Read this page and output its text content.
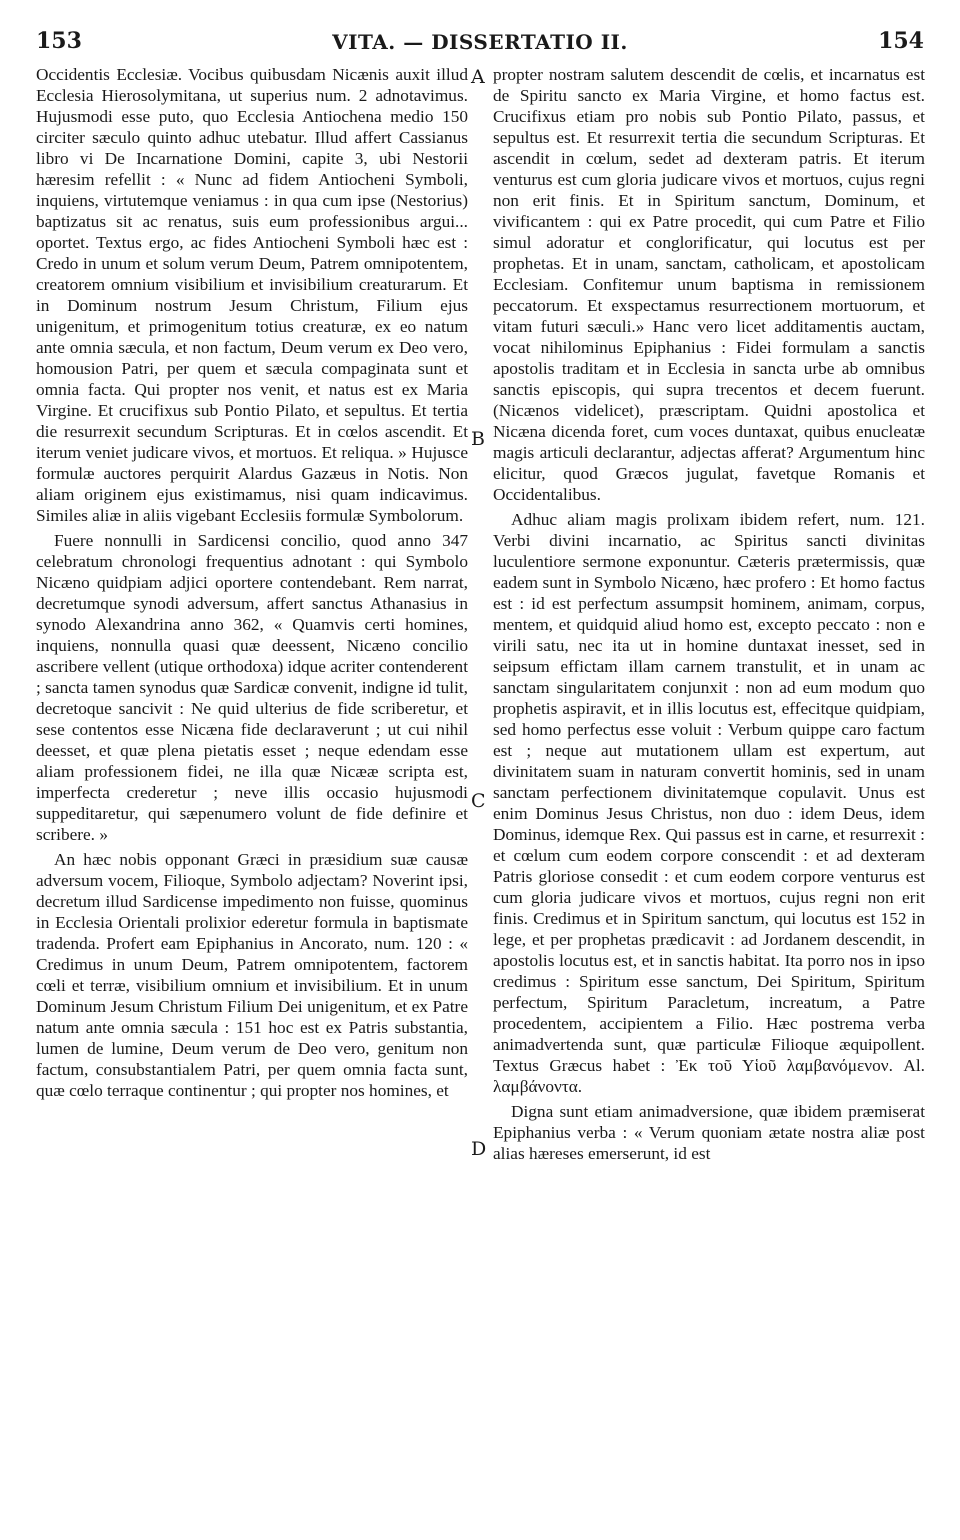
153	VITA. — DISSERTATIO II.	154

Occidentis Ecclesiæ. Vocibus quibusdam Nicænis auxit illud Ecclesia Hierosolymitana, ut superius num. 2 adnotavimus. Hujusmodi esse puto, quo Ecclesia Antiochena medio 150 circiter sæculo quinto adhuc utebatur. Illud affert Cassianus libro vi De Incarnatione Domini, capite 3, ubi Nestorii hæresim refellit : « Nunc ad fidem Antiocheni Symboli, inquiens, virtutemque veniamus : in qua cum ipse (Nestorius) baptizatus sit ac renatus, suis eum professionibus argui... oportet. Textus ergo, ac fides Antiocheni Symboli hæc est : Credo in unum et solum verum Deum, Patrem omnipotentem, creatorem omnium visibilium et invisibilium creaturarum. Et in Dominum nostrum Jesum Christum, Filium ejus unigenitum, et primogenitum totius creaturæ, ex eo natum ante omnia sæcula, et non factum, Deum verum ex Deo vero, homousion Patri, per quem et sæcula compaginata sunt et omnia facta. Qui propter nos venit, et natus est ex Maria Virgine. Et crucifixus sub Pontio Pilato, et sepultus. Et tertia die resurrexit secundum Scripturas. Et in cœlos ascendit. Et iterum veniet judicare vivos, et mortuos. Et reliqua. » Hujusce formulæ auctores perquirit Alardus Gazæus in Notis. Non aliam originem ejus existimamus, nisi quam indicavimus. Similes aliæ in aliis vigebant Ecclesiis formulæ Symbolorum.

Fuere nonnulli in Sardicensi concilio, quod anno 347 celebratum chronologi frequentius adnotant : qui Symbolo Nicæno quidpiam adjici oportere contendebant. Rem narrat, decretumque synodi adversum, affert sanctus Athanasius in synodo Alexandrina anno 362, « Quamvis certi homines, inquiens, nonnulla quasi quæ deessent, Nicæno concilio ascribere vellent (utique orthodoxa) idque acriter contenderent ; sancta tamen synodus quæ Sardicæ convenit, indigne id tulit, decretoque sancivit : Ne quid ulterius de fide scriberetur, et sese contentos esse Nicæna fide declaraverunt ; ut cui nihil deesset, et quæ plena pietatis esset ; neque edendam esse aliam professionem fidei, ne illa quæ Nicææ scripta est, imperfecta crederetur ; neve illis occasio hujusmodi suppeditaretur, qui sæpenumero volunt de fide definire et scribere. »

An hæc nobis opponant Græci in præsidium suæ causæ adversum vocem, Filioque, Symbolo adjectam? Noverint ipsi, decretum illud Sardicense impedimento non fuisse, quominus in Ecclesia Orientali prolixior ederetur formula in baptismate tradenda. Profert eam Epiphanius in Ancorato, num. 120 : « Credimus in unum Deum, Patrem omnipotentem, factorem cœli et terræ, visibilium omnium et invisibilium. Et in unum Dominum Jesum Christum Filium Dei unigenitum, et ex Patre natum ante omnia sæcula : 151 hoc est ex Patris substantia, lumen de lumine, Deum verum de Deo vero, genitum non factum, consubstantialem Patri, per quem omnia facta sunt, quæ cœlo terraque continentur ; qui propter nos homines, et

A
B
C
D

propter nostram salutem descendit de cœlis, et incarnatus est de Spiritu sancto ex Maria Virgine, et homo factus est. Crucifixus etiam pro nobis sub Pontio Pilato, passus, et sepultus est. Et resurrexit tertia die secundum Scripturas. Et ascendit in cœlum, sedet ad dexteram patris. Et iterum venturus est cum gloria judicare vivos et mortuos, cujus regni non erit finis. Et in Spiritum sanctum, Dominum, et vivificantem : qui ex Patre procedit, qui cum Patre et Filio simul adoratur et conglorificatur, qui locutus est per prophetas. Et in unam, sanctam, catholicam, et apostolicam Ecclesiam. Confitemur unum baptisma in remissionem peccatorum. Et exspectamus resurrectionem mortuorum, et vitam futuri sæculi.» Hanc vero licet additamentis auctam, vocat nihilominus Epiphanius : Fidei formulam a sanctis apostolis traditam et in Ecclesia in sancta urbe ab omnibus sanctis episcopis, qui supra trecentos et decem fuerunt. (Nicænos videlicet), præscriptam. Quidni apostolica et Nicæna dicenda foret, cum voces duntaxat, quibus enucleatæ magis articuli declarantur, adjectas afferat? Argumentum hinc elicitur, quod Græcos jugulat, favetque Romanis et Occidentalibus.

Adhuc aliam magis prolixam ibidem refert, num. 121. Verbi divini incarnatio, ac Spiritus sancti divinitas luculentiore sermone exponuntur. Cæteris prætermissis, quæ eadem sunt in Symbolo Nicæno, hæc profero : Et homo factus est : id est perfectum assumpsit hominem, animam, corpus, mentem, et quidquid aliud homo est, excepto peccato : non e virili satu, nec ita ut in homine duntaxat inesset, sed in seipsum effictam illam carnem transtulit, et in unam ac sanctam singularitatem conjunxit : non ad eum modum quo prophetis aspiravit, et in illis locutus est, effecitque quidpiam, sed homo perfectus esse voluit : Verbum quippe caro factum est ; neque aut mutationem ullam est expertum, aut divinitatem suam in naturam convertit hominis, sed in unam sanctam perfectionem divinitatemque copulavit. Unus est enim Dominus Jesus Christus, non duo : idem Deus, idem Dominus, idemque Rex. Qui passus est in carne, et resurrexit : et cœlum cum eodem corpore conscendit : et ad dexteram Patris gloriose consedit : et cum eodem corpore venturus est cum gloria judicare vivos et mortuos, cujus regni non erit finis. Credimus et in Spiritum sanctum, qui locutus est 152 in lege, et per prophetas prædicavit : ad Jordanem descendit, in apostolis locutus est, et in sanctis habitat. Ita porro nos in ipso credimus : Spiritum esse sanctum, Dei Spiritum, Spiritum perfectum, Spiritum Paracletum, increatum, a Patre procedentem, accipientem a Filio. Hæc postrema verba animadvertenda sunt, quæ particulæ Filioque æquipollent. Textus Græcus habet : Ἐκ τοῦ Υἱοῦ λαμβανόμενον. Al. λαμβάνοντα.

Digna sunt etiam animadversione, quæ ibidem præmiserat Epiphanius verba : « Verum quoniam ætate nostra aliæ post alias hæreses emerserunt, id est
